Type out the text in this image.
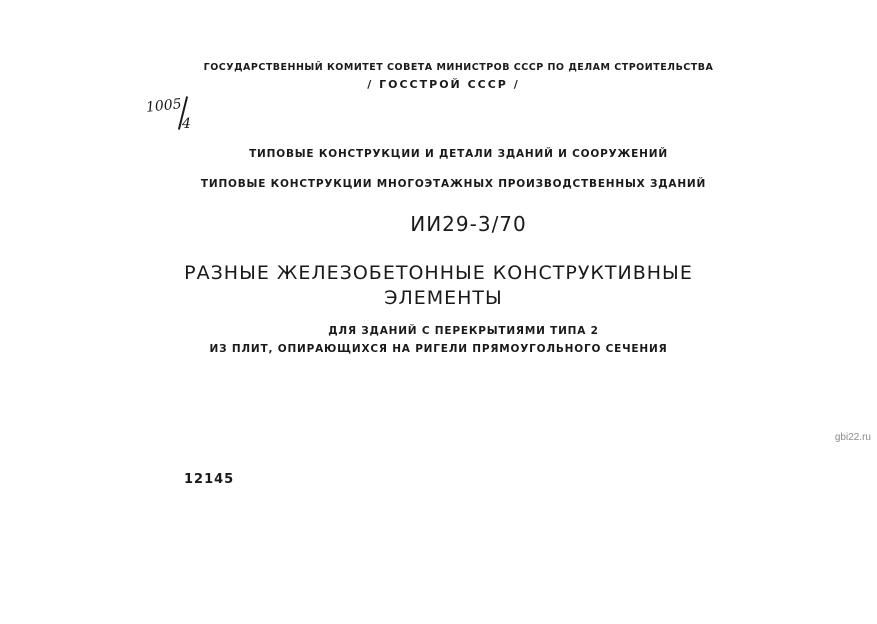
ГОСУДАРСТВЕННЫЙ КОМИТЕТ СОВЕТА МИНИСТРОВ СССР ПО ДЕЛАМ СТРОИТЕЛЬСТВА
/ ГОССТРОЙ СССР /
1005
4
ТИПОВЫЕ КОНСТРУКЦИИ И ДЕТАЛИ ЗДАНИЙ И СООРУЖЕНИЙ
ТИПОВЫЕ КОНСТРУКЦИИ МНОГОЭТАЖНЫХ ПРОИЗВОДСТВЕННЫХ ЗДАНИЙ
ИИ29-3/70
РАЗНЫЕ ЖЕЛЕЗОБЕТОННЫЕ КОНСТРУКТИВНЫЕ
ЭЛЕМЕНТЫ
ДЛЯ ЗДАНИЙ С ПЕРЕКРЫТИЯМИ ТИПА 2
ИЗ ПЛИТ, ОПИРАЮЩИХСЯ НА РИГЕЛИ ПРЯМОУГОЛЬНОГО СЕЧЕНИЯ
gbi22.ru
12145
